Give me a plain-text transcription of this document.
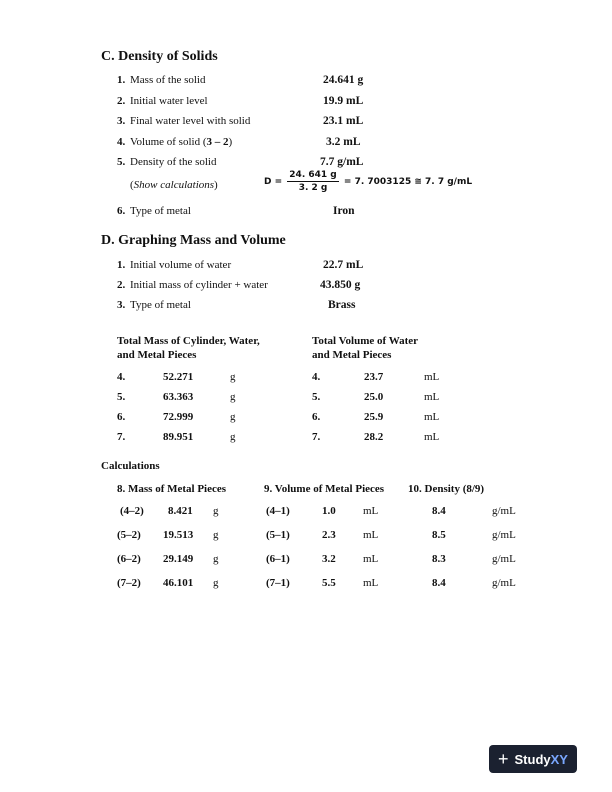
C. Density of Solids
1. Mass of the solid	24.641 g
2. Initial water level	19.9 mL
3. Final water level with solid	23.1 mL
4. Volume of solid (3 – 2)	3.2 mL
5. Density of the solid	7.7 g/mL
(Show calculations)	$D = \frac{24. 641 g}{3. 2 g} = 7$. 7003125 ≅ 7. 7 g/mL
6. Type of metal	Iron
D. Graphing Mass and Volume
1. Initial volume of water	22.7 mL
2. Initial mass of cylinder + water	43.850 g
3. Type of metal	Brass
Total Mass of Cylinder, Water,
and Metal Pieces
Total Volume of Water
and Metal Pieces
4.	52.271	g
5.	63.363	g
6.	72.999	g
7.	89.951	g
4.	23.7	mL
5.	25.0	mL
6.	25.9	mL
7.	28.2	mL
Calculations
8. Mass of Metal Pieces	9. Volume of Metal Pieces 10. Density (8/9)
(4–2) 8.421 g	(4–1)	1.0 mL	8.4	g/mL
(5–2) 19.513 g	(5–1)	2.3 mL	8.5	g/mL
(6–2) 29.149 g	(6–1)	3.2 mL	8.3	g/mL
(7–2) 46.101 g	(7–1)	5.5 mL	8.4	g/mL
+ StudyXY
